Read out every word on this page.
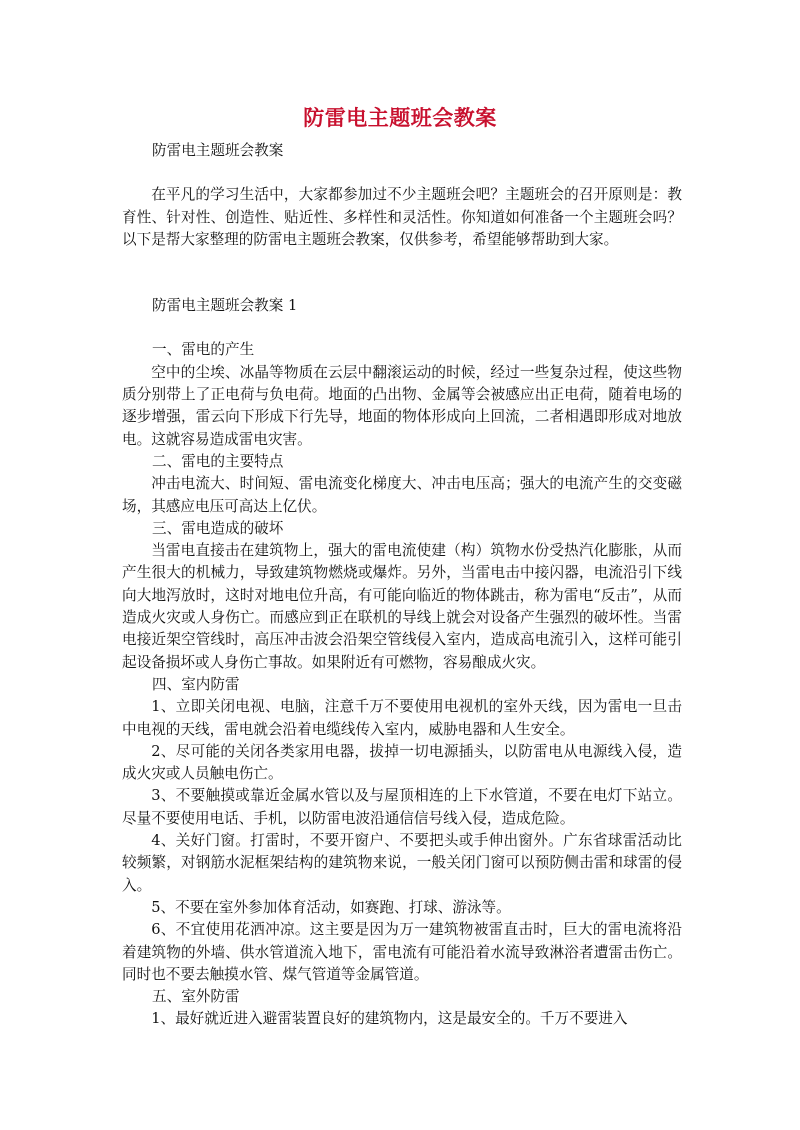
防雷电主题班会教案

防雷电主题班会教案

在平凡的学习生活中，大家都参加过不少主题班会吧？主题班会的召开原则是：教育性、针对性、创造性、贴近性、多样性和灵活性。你知道如何准备一个主题班会吗？以下是帮大家整理的防雷电主题班会教案，仅供参考，希望能够帮助到大家。

防雷电主题班会教案 1

一、雷电的产生

空中的尘埃、冰晶等物质在云层中翻滚运动的时候，经过一些复杂过程，使这些物质分别带上了正电荷与负电荷。地面的凸出物、金属等会被感应出正电荷，随着电场的逐步增强，雷云向下形成下行先导，地面的物体形成向上回流，二者相遇即形成对地放电。这就容易造成雷电灾害。

二、雷电的主要特点

冲击电流大、时间短、雷电流变化梯度大、冲击电压高；强大的电流产生的交变磁场，其感应电压可高达上亿伏。

三、雷电造成的破坏

当雷电直接击在建筑物上，强大的雷电流使建（构）筑物水份受热汽化膨胀，从而产生很大的机械力，导致建筑物燃烧或爆炸。另外，当雷电击中接闪器，电流沿引下线向大地泻放时，这时对地电位升高，有可能向临近的物体跳击，称为雷电“反击”，从而造成火灾或人身伤亡。而感应到正在联机的导线上就会对设备产生强烈的破坏性。当雷电接近架空管线时，高压冲击波会沿架空管线侵入室内，造成高电流引入，这样可能引起设备损坏或人身伤亡事故。如果附近有可燃物，容易酿成火灾。

四、室内防雷

1、立即关闭电视、电脑，注意千万不要使用电视机的室外天线，因为雷电一旦击中电视的天线，雷电就会沿着电缆线传入室内，威胁电器和人生安全。

2、尽可能的关闭各类家用电器，拔掉一切电源插头，以防雷电从电源线入侵，造成火灾或人员触电伤亡。

3、不要触摸或靠近金属水管以及与屋顶相连的上下水管道，不要在电灯下站立。尽量不要使用电话、手机，以防雷电波沿通信信号线入侵，造成危险。

4、关好门窗。打雷时，不要开窗户、不要把头或手伸出窗外。广东省球雷活动比较频繁，对钢筋水泥框架结构的建筑物来说，一般关闭门窗可以预防侧击雷和球雷的侵入。

5、不要在室外参加体育活动，如赛跑、打球、游泳等。

6、不宜使用花洒冲凉。这主要是因为万一建筑物被雷直击时，巨大的雷电流将沿着建筑物的外墙、供水管道流入地下，雷电流有可能沿着水流导致淋浴者遭雷击伤亡。同时也不要去触摸水管、煤气管道等金属管道。

五、室外防雷

1、最好就近进入避雷装置良好的建筑物内，这是最安全的。千万不要进入
